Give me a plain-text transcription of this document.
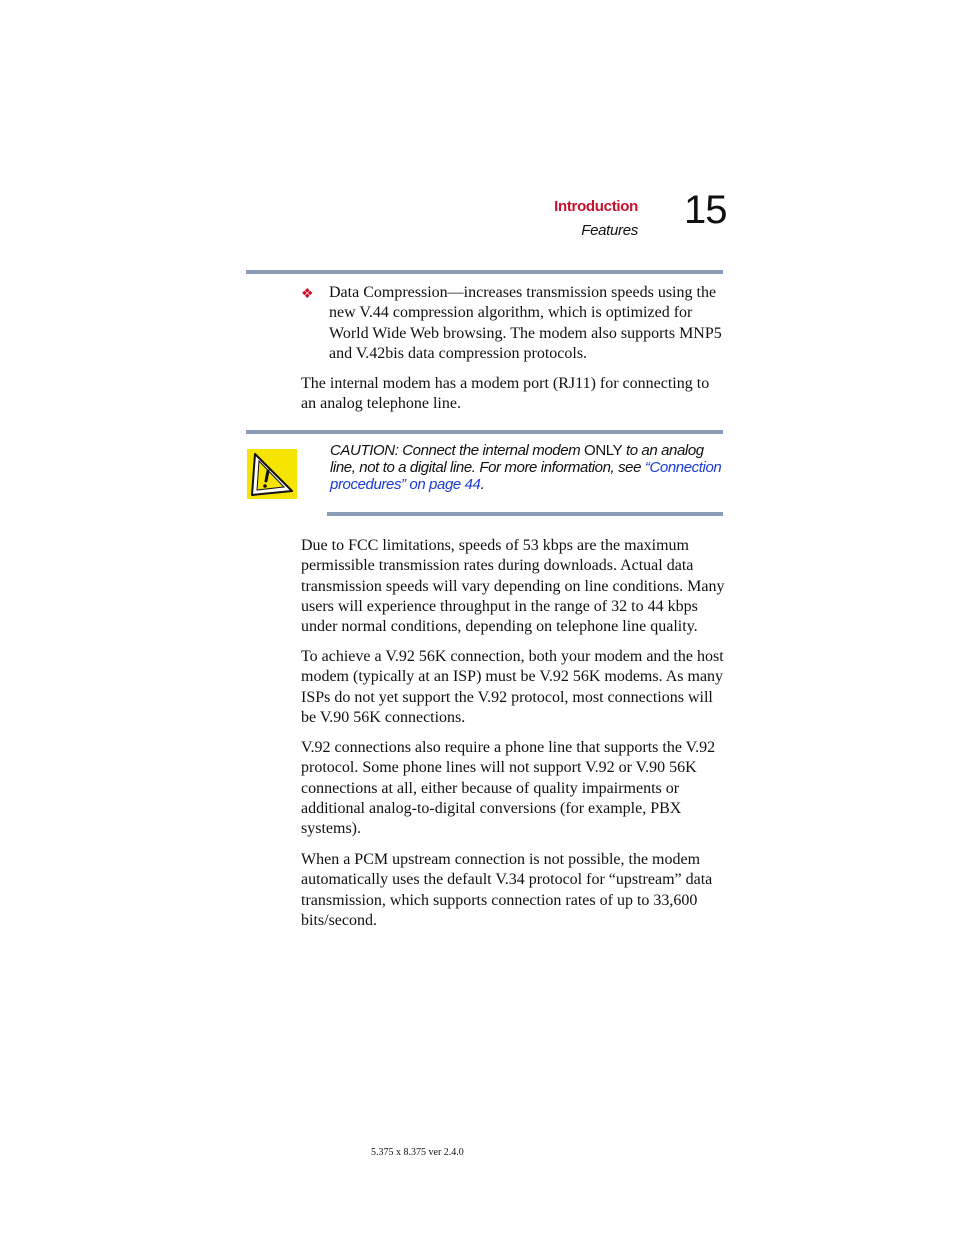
Introduction
Features 15
❖ Data Compression—increases transmission speeds using the new V.44 compression algorithm, which is optimized for World Wide Web browsing. The modem also supports MNP5 and V.42bis data compression protocols.
The internal modem has a modem port (RJ11) for connecting to an analog telephone line.
CAUTION: Connect the internal modem ONLY to an analog line, not to a digital line. For more information, see “Connection procedures” on page 44.
Due to FCC limitations, speeds of 53 kbps are the maximum permissible transmission rates during downloads. Actual data transmission speeds will vary depending on line conditions. Many users will experience throughput in the range of 32 to 44 kbps under normal conditions, depending on telephone line quality.
To achieve a V.92 56K connection, both your modem and the host modem (typically at an ISP) must be V.92 56K modems. As many ISPs do not yet support the V.92 protocol, most connections will be V.90 56K connections.
V.92 connections also require a phone line that supports the V.92 protocol. Some phone lines will not support V.92 or V.90 56K connections at all, either because of quality impairments or additional analog-to-digital conversions (for example, PBX systems).
When a PCM upstream connection is not possible, the modem automatically uses the default V.34 protocol for “upstream” data transmission, which supports connection rates of up to 33,600 bits/second.
5.375 x 8.375 ver 2.4.0
